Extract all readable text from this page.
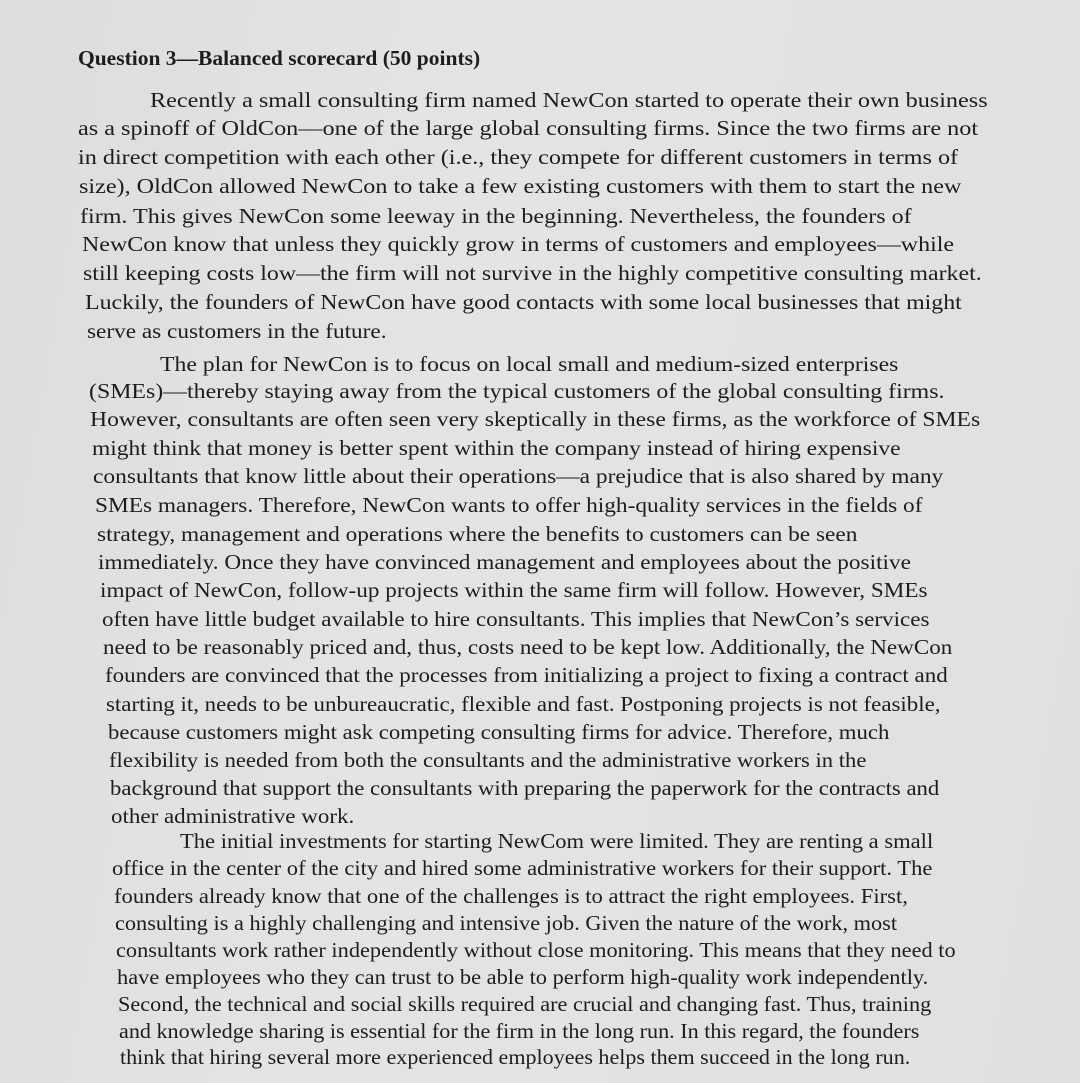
Question 3—Balanced scorecard (50 points)
Recently a small consulting firm named NewCon started to operate their own business
as a spinoff of OldCon—one of the large global consulting firms. Since the two firms are not
in direct competition with each other (i.e., they compete for different customers in terms of
size), OldCon allowed NewCon to take a few existing customers with them to start the new
firm. This gives NewCon some leeway in the beginning. Nevertheless, the founders of
NewCon know that unless they quickly grow in terms of customers and employees—while
still keeping costs low—the firm will not survive in the highly competitive consulting market.
Luckily, the founders of NewCon have good contacts with some local businesses that might
serve as customers in the future.
The plan for NewCon is to focus on local small and medium-sized enterprises
(SMEs)—thereby staying away from the typical customers of the global consulting firms.
However, consultants are often seen very skeptically in these firms, as the workforce of SMEs
might think that money is better spent within the company instead of hiring expensive
consultants that know little about their operations—a prejudice that is also shared by many
SMEs managers. Therefore, NewCon wants to offer high-quality services in the fields of
strategy, management and operations where the benefits to customers can be seen
immediately. Once they have convinced management and employees about the positive
impact of NewCon, follow-up projects within the same firm will follow. However, SMEs
often have little budget available to hire consultants. This implies that NewCon’s services
need to be reasonably priced and, thus, costs need to be kept low. Additionally, the NewCon
founders are convinced that the processes from initializing a project to fixing a contract and
starting it, needs to be unbureaucratic, flexible and fast. Postponing projects is not feasible,
because customers might ask competing consulting firms for advice. Therefore, much
flexibility is needed from both the consultants and the administrative workers in the
background that support the consultants with preparing the paperwork for the contracts and
other administrative work.
The initial investments for starting NewCom were limited. They are renting a small
office in the center of the city and hired some administrative workers for their support. The
founders already know that one of the challenges is to attract the right employees. First,
consulting is a highly challenging and intensive job. Given the nature of the work, most
consultants work rather independently without close monitoring. This means that they need to
have employees who they can trust to be able to perform high-quality work independently.
Second, the technical and social skills required are crucial and changing fast. Thus, training
and knowledge sharing is essential for the firm in the long run. In this regard, the founders
think that hiring several more experienced employees helps them succeed in the long run.
